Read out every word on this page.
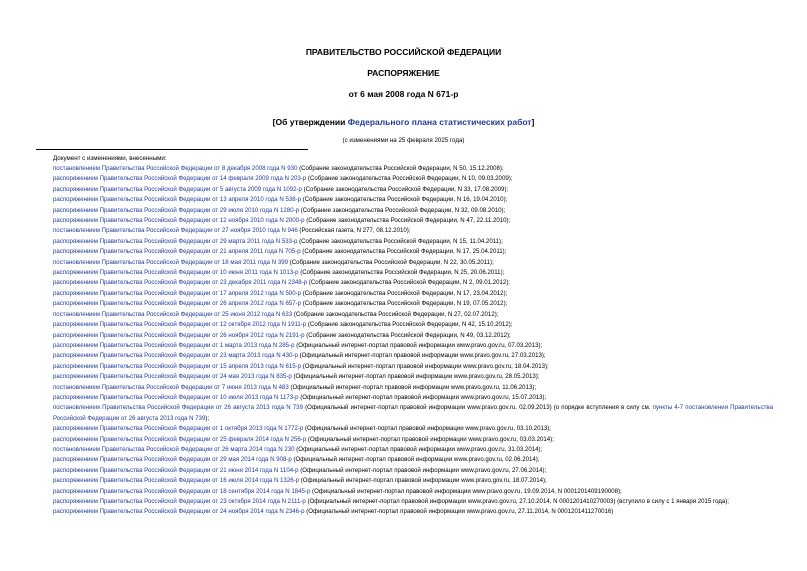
ПРАВИТЕЛЬСТВО РОССИЙСКОЙ ФЕДЕРАЦИИ
РАСПОРЯЖЕНИЕ
от 6 мая 2008 года N 671-р
[Об утверждении Федерального плана статистических работ]
(с изменениями на 25 февраля 2025 года)
Документ с изменениями, внесенными:
постановлением Правительства Российской Федерации от 8 декабря 2008 года N 930 (Собрание законодательства Российской Федерации, N 50, 15.12.2008);
распоряжением Правительства Российской Федерации от 14 февраля 2009 года N 203-р (Собрание законодательства Российской Федерации, N 10, 09.03.2009);
распоряжением Правительства Российской Федерации от 5 августа 2009 года N 1092-р (Собрание законодательства Российской Федерации, N 33, 17.08.2009);
распоряжением Правительства Российской Федерации от 13 апреля 2010 года N 538-р (Собрание законодательства Российской Федерации, N 16, 19.04.2010);
распоряжением Правительства Российской Федерации от 29 июля 2010 года N 1280-р (Собрание законодательства Российской Федерации, N 32, 09.08.2010);
распоряжением Правительства Российской Федерации от 12 ноября 2010 года N 2000-р (Собрание законодательства Российской Федерации, N 47, 22.11.2010);
постановлением Правительства Российской Федерации от 27 ноября 2010 года N 946 (Российская газета, N 277, 08.12.2010);
распоряжением Правительства Российской Федерации от 29 марта 2011 года N 533-р (Собрание законодательства Российской Федерации, N 15, 11.04.2011);
распоряжением Правительства Российской Федерации от 21 апреля 2011 года N 705-р (Собрание законодательства Российской Федерации, N 17, 25.04.2011);
постановлением Правительства Российской Федерации от 18 мая 2011 года N 399 (Собрание законодательства Российской Федерации, N 22, 30.05.2011);
распоряжением Правительства Российской Федерации от 10 июня 2011 года N 1013-р (Собрание законодательства Российской Федерации, N 25, 20.06.2011);
распоряжением Правительства Российской Федерации от 23 декабря 2011 года N 2348-р (Собрание законодательства Российской Федерации, N 2, 09.01.2012);
распоряжением Правительства Российской Федерации от 17 апреля 2012 года N 500-р (Собрание законодательства Российской Федерации, N 17, 23.04.2012);
распоряжением Правительства Российской Федерации от 26 апреля 2012 года N 657-р (Собрание законодательства Российской Федерации, N 19, 07.05.2012);
постановлением Правительства Российской Федерации от 25 июня 2012 года N 633 (Собрание законодательства Российской Федерации, N 27, 02.07.2012);
распоряжением Правительства Российской Федерации от 12 октября 2012 года N 1911-р (Собрание законодательства Российской Федерации, N 42, 15.10.2012);
распоряжением Правительства Российской Федерации от 26 ноября 2012 года N 2191-р (Собрание законодательства Российской Федерации, N 49, 03.12.2012);
распоряжением Правительства Российской Федерации от 1 марта 2013 года N 285-р (Официальный интернет-портал правовой информации www.pravo.gov.ru, 07.03.2013);
распоряжением Правительства Российской Федерации от 23 марта 2013 года N 430-р (Официальный интернет-портал правовой информации www.pravo.gov.ru, 27.03.2013);
распоряжением Правительства Российской Федерации от 15 апреля 2013 года N 615-р (Официальный интернет-портал правовой информации www.pravo.gov.ru, 18.04.2013);
распоряжением Правительства Российской Федерации от 24 мая 2013 года N 835-р (Официальный интернет-портал правовой информации www.pravo.gov.ru, 28.05.2013);
постановлением Правительства Российской Федерации от 7 июня 2013 года N 483 (Официальный интернет-портал правовой информации www.pravo.gov.ru, 11.06.2013);
распоряжением Правительства Российской Федерации от 10 июля 2013 года N 1173-р (Официальный интернет-портал правовой информации www.pravo.gov.ru, 15.07.2013);
постановлением Правительства Российской Федерации от 26 августа 2013 года N 739 (Официальный интернет-портал правовой информации www.pravo.gov.ru, 02.09.2013) (о порядке вступления в силу см. пункты 4-7 постановления Правительства Российской Федерации от 26 августа 2013 года N 739);
распоряжением Правительства Российской Федерации от 1 октября 2013 года N 1772-р (Официальный интернет-портал правовой информации www.pravo.gov.ru, 03.10.2013);
распоряжением Правительства Российской Федерации от 25 февраля 2014 года N 256-р (Официальный интернет-портал правовой информации www.pravo.gov.ru, 03.03.2014);
постановлением Правительства Российской Федерации от 26 марта 2014 года N 230 (Официальный интернет-портал правовой информации www.pravo.gov.ru, 31.03.2014);
распоряжением Правительства Российской Федерации от 29 мая 2014 года N 908-р (Официальный интернет-портал правовой информации www.pravo.gov.ru, 02.06.2014);
распоряжением Правительства Российской Федерации от 21 июня 2014 года N 1104-р (Официальный интернет-портал правовой информации www.pravo.gov.ru, 27.06.2014);
распоряжением Правительства Российской Федерации от 16 июля 2014 года N 1326-р (Официальный интернет-портал правовой информации www.pravo.gov.ru, 18.07.2014);
распоряжением Правительства Российской Федерации от 18 сентября 2014 года N 1845-р (Официальный интернет-портал правовой информации www.pravo.gov.ru, 19.09.2014, N 0001201409190008);
распоряжением Правительства Российской Федерации от 23 октября 2014 года N 2111-р (Официальный интернет-портал правовой информации www.pravo.gov.ru, 27.10.2014, N 0001201410270003) (вступило в силу с 1 января 2015 года);
распоряжением Правительства Российской Федерации от 24 ноября 2014 года N 2346-р (Официальный интернет-портал правовой информации www.pravo.gov.ru, 27.11.2014, N 0001201411270016)
